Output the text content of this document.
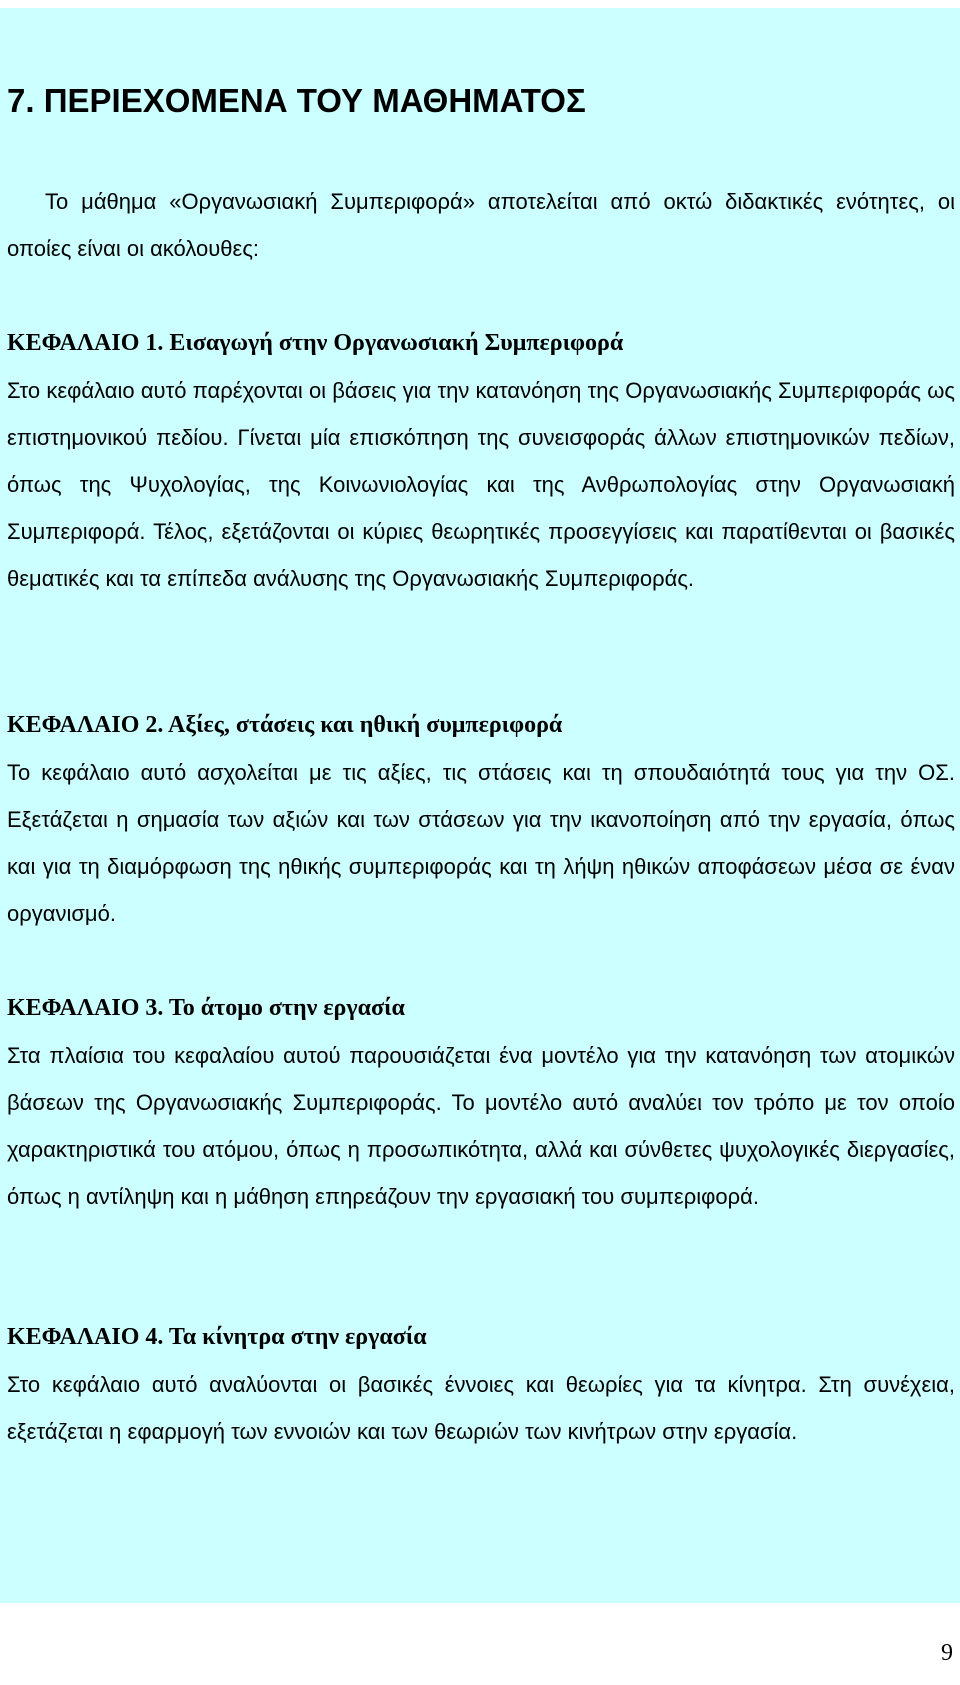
7. ΠΕΡΙΕΧΟΜΕΝΑ ΤΟΥ ΜΑΘΗΜΑΤΟΣ

Το μάθημα «Οργανωσιακή Συμπεριφορά» αποτελείται από οκτώ διδακτικές ενότητες, οι οποίες είναι οι ακόλουθες:

ΚΕΦΑΛΑΙΟ 1. Εισαγωγή στην Οργανωσιακή Συμπεριφορά

Στο κεφάλαιο αυτό παρέχονται οι βάσεις για την κατανόηση της Οργανωσιακής Συμπεριφοράς ως επιστημονικού πεδίου. Γίνεται μία επισκόπηση της συνεισφοράς άλλων επιστημονικών πεδίων, όπως της Ψυχολογίας, της Κοινωνιολογίας και της Ανθρωπολογίας στην Οργανωσιακή Συμπεριφορά. Τέλος, εξετάζονται οι κύριες θεωρητικές προσεγγίσεις και παρατίθενται οι βασικές θεματικές και τα επίπεδα ανάλυσης της Οργανωσιακής Συμπεριφοράς.

ΚΕΦΑΛΑΙΟ 2. Αξίες, στάσεις και ηθική συμπεριφορά

Το κεφάλαιο αυτό ασχολείται με τις αξίες, τις στάσεις και τη σπουδαιότητά τους για την ΟΣ. Εξετάζεται η σημασία των αξιών και των στάσεων για την ικανοποίηση από την εργασία, όπως και για τη διαμόρφωση της ηθικής συμπεριφοράς και τη λήψη ηθικών αποφάσεων μέσα σε έναν οργανισμό.

ΚΕΦΑΛΑΙΟ 3. Το άτομο στην εργασία

Στα πλαίσια του κεφαλαίου αυτού παρουσιάζεται ένα μοντέλο για την κατανόηση των ατομικών βάσεων της Οργανωσιακής Συμπεριφοράς. Το μοντέλο αυτό αναλύει τον τρόπο με τον οποίο χαρακτηριστικά του ατόμου, όπως η προσωπικότητα, αλλά και σύνθετες ψυχολογικές διεργασίες, όπως η αντίληψη και η μάθηση επηρεάζουν την εργασιακή του συμπεριφορά.

ΚΕΦΑΛΑΙΟ 4. Τα κίνητρα στην εργασία

Στο κεφάλαιο αυτό αναλύονται οι βασικές έννοιες και θεωρίες για τα κίνητρα. Στη συνέχεια, εξετάζεται η εφαρμογή των εννοιών και των θεωριών των κινήτρων στην εργασία.

9
